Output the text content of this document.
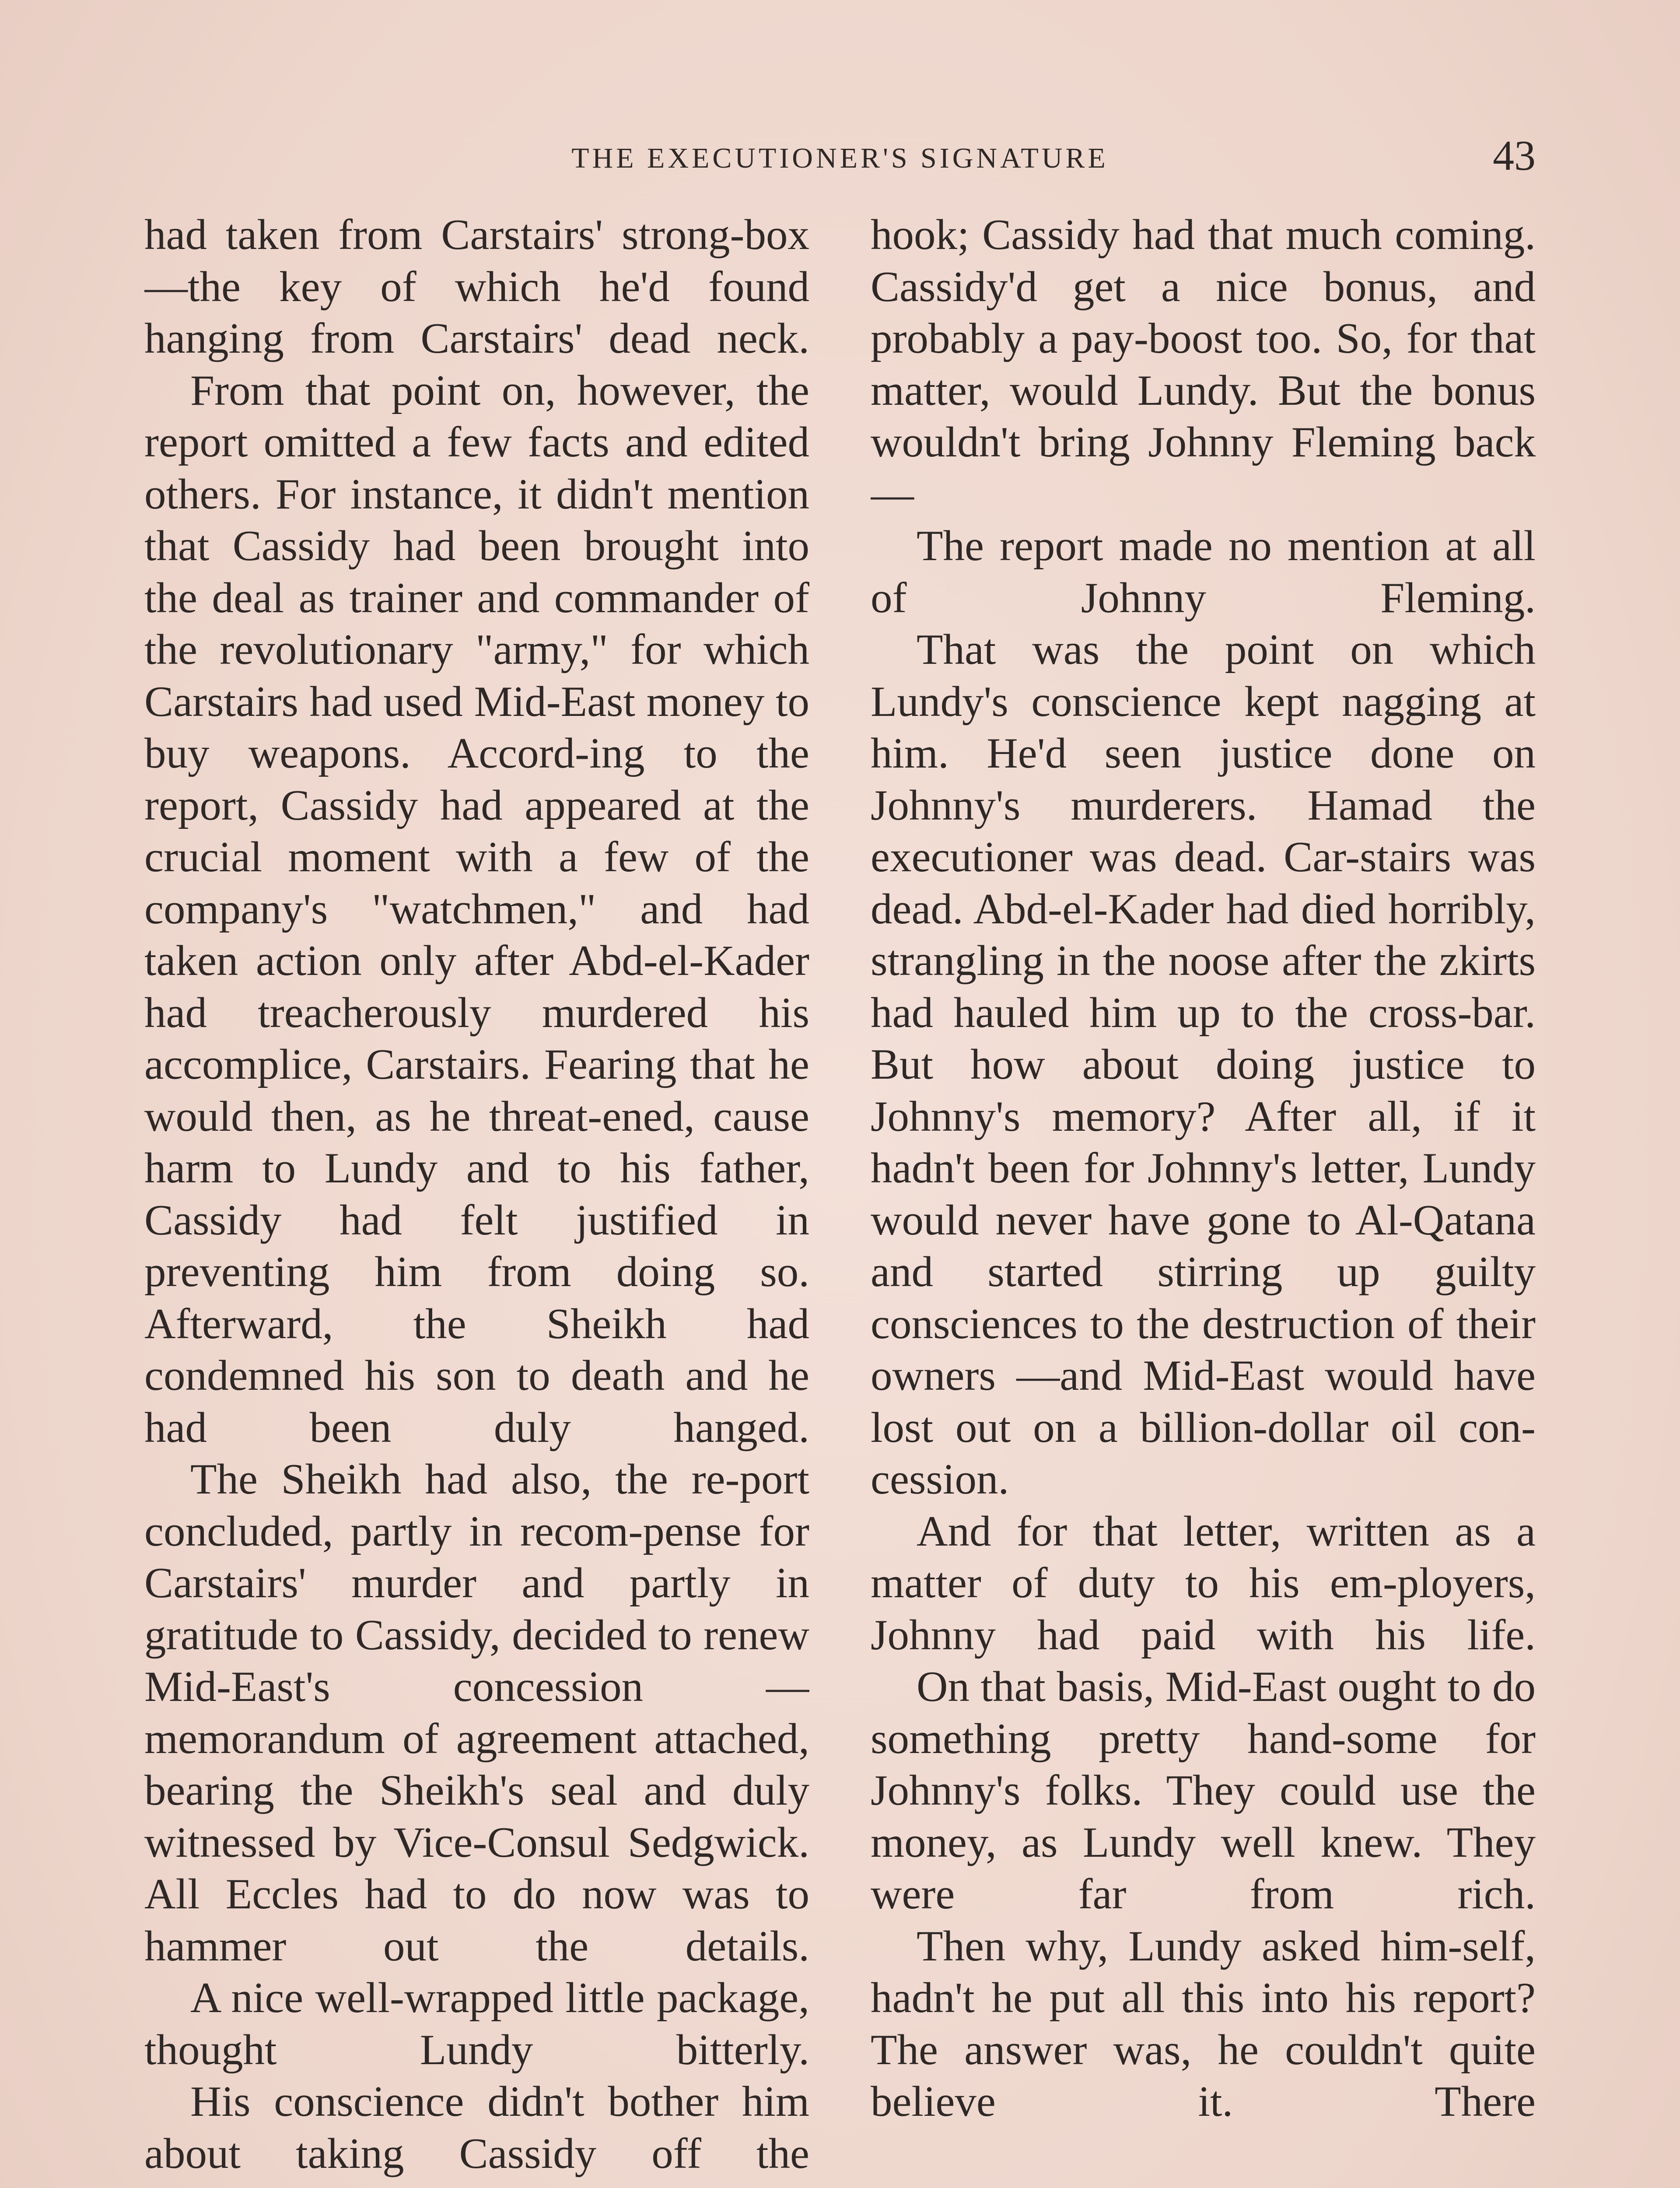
THE EXECUTIONER'S SIGNATURE	43

had taken from Carstairs' strong-box—the key of which he'd found hanging from Carstairs' dead neck.

From that point on, however, the report omitted a few facts and edited others. For instance, it didn't mention that Cassidy had been brought into the deal as trainer and commander of the revolutionary "army," for which Carstairs had used Mid-East money to buy weapons. Accord-ing to the report, Cassidy had appeared at the crucial moment with a few of the company's "watchmen," and had taken action only after Abd-el-Kader had treacherously murdered his accomplice, Carstairs. Fearing that he would then, as he threat-ened, cause harm to Lundy and to his father, Cassidy had felt justified in preventing him from doing so. Afterward, the Sheikh had condemned his son to death and he had been duly hanged.

The Sheikh had also, the re-port concluded, partly in recom-pense for Carstairs' murder and partly in gratitude to Cassidy, decided to renew Mid-East's concession —memorandum of agreement attached, bearing the Sheikh's seal and duly witnessed by Vice-Consul Sedgwick. All Eccles had to do now was to hammer out the details.

A nice well-wrapped little package, thought Lundy bitterly.

His conscience didn't bother him about taking Cassidy off the

hook; Cassidy had that much coming. Cassidy'd get a nice bonus, and probably a pay-boost too. So, for that matter, would Lundy. But the bonus wouldn't bring Johnny Fleming back—

The report made no mention at all of Johnny Fleming.

That was the point on which Lundy's conscience kept nagging at him. He'd seen justice done on Johnny's murderers. Hamad the executioner was dead. Car-stairs was dead. Abd-el-Kader had died horribly, strangling in the noose after the zkirts had hauled him up to the cross-bar. But how about doing justice to Johnny's memory? After all, if it hadn't been for Johnny's letter, Lundy would never have gone to Al-Qatana and started stirring up guilty consciences to the destruction of their owners —and Mid-East would have lost out on a billion-dollar oil con-cession.

And for that letter, written as a matter of duty to his em-ployers, Johnny had paid with his life.

On that basis, Mid-East ought to do something pretty hand-some for Johnny's folks. They could use the money, as Lundy well knew. They were far from rich.

Then why, Lundy asked him-self, hadn't he put all this into his report? The answer was, he couldn't quite believe it. There
